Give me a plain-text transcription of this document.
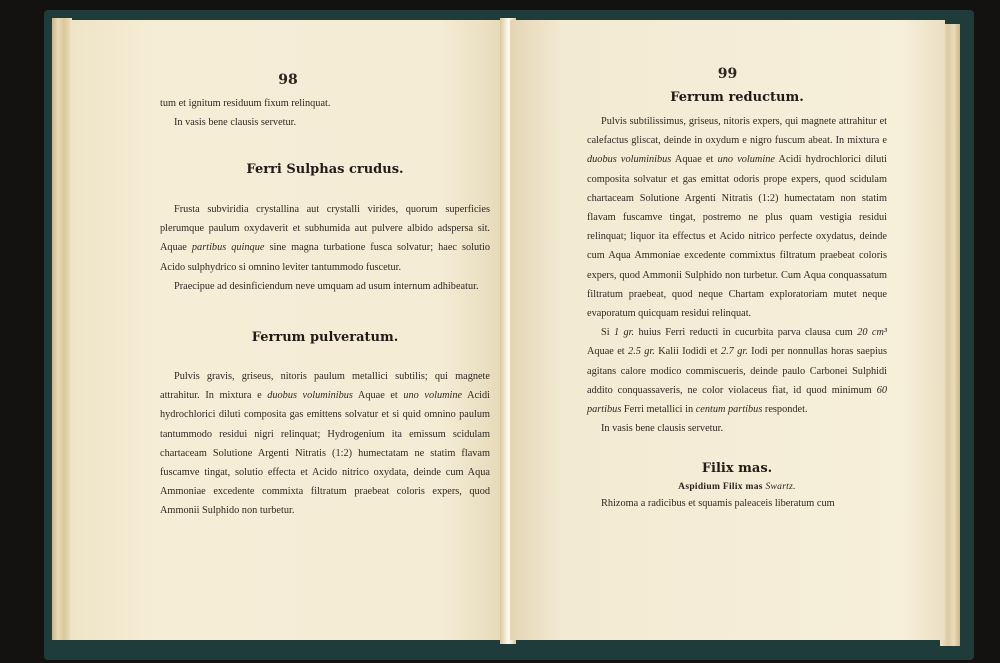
98

tum et ignitum residuum fixum relinquat.

In vasis bene clausis servetur.

Ferri Sulphas crudus.

Frusta subviridia crystallina aut crystalli virides, quorum superficies plerumque paulum oxydaverit et subhumida aut pulvere albido adspersa sit. Aquae partibus quinque sine magna turbatione fusca solvatur; haec solutio Acido sulphydrico si omnino leviter tantummodo fuscetur.

Praecipue ad desinficiendum neve umquam ad usum internum adhibeatur.

Ferrum pulveratum.

Pulvis gravis, griseus, nitoris paulum metallici subtilis; qui magnete attrahitur. In mixtura e duobus voluminibus Aquae et uno volumine Acidi hydrochlorici diluti composita gas emittens solvatur et si quid omnino paulum tantummodo residui nigri relinquat; Hydrogenium ita emissum scidulam chartaceam Solutione Argenti Nitratis (1:2) humectatam ne statim flavam fuscamve tingat, solutio effecta et Acido nitrico oxydata, deinde cum Aqua Ammoniae excedente commixta filtratum praebeat coloris expers, quod Ammonii Sulphido non turbetur.

99
Ferrum reductum.

Pulvis subtilissimus, griseus, nitoris expers, qui magnete attrahitur et calefactus gliscat, deinde in oxydum e nigro fuscum abeat. In mixtura e duobus voluminibus Aquae et uno volumine Acidi hydrochlorici diluti composita solvatur et gas emittat odoris prope expers, quod scidulam chartaceam Solutione Argenti Nitratis (1:2) humectatam non statim flavam fuscamve tingat, postremo ne plus quam vestigia residui relinquat; liquor ita effectus et Acido nitrico perfecte oxydatus, deinde cum Aqua Ammoniae excedente commixtus filtratum praebeat coloris expers, quod Ammonii Sulphido non turbetur. Cum Aqua conquassatum filtratum praebeat, quod neque Chartam exploratoriam mutet neque evaporatum quicquam residui relinquat.

Si 1 gr. huius Ferri reducti in cucurbita parva clausa cum 20 cm³ Aquae et 2.5 gr. Kalii Iodidi et 2.7 gr. Iodi per nonnullas horas saepius agitans calore modico commiscueris, deinde paulo Carbonei Sulphidi addito conquassaveris, ne color violaceus fiat, id quod minimum 60 partibus Ferri metallici in centum partibus respondet.

In vasis bene clausis servetur.

Filix mas.
Aspidium Filix mas Swartz.

Rhizoma a radicibus et squamis paleaceis liberatum cum
